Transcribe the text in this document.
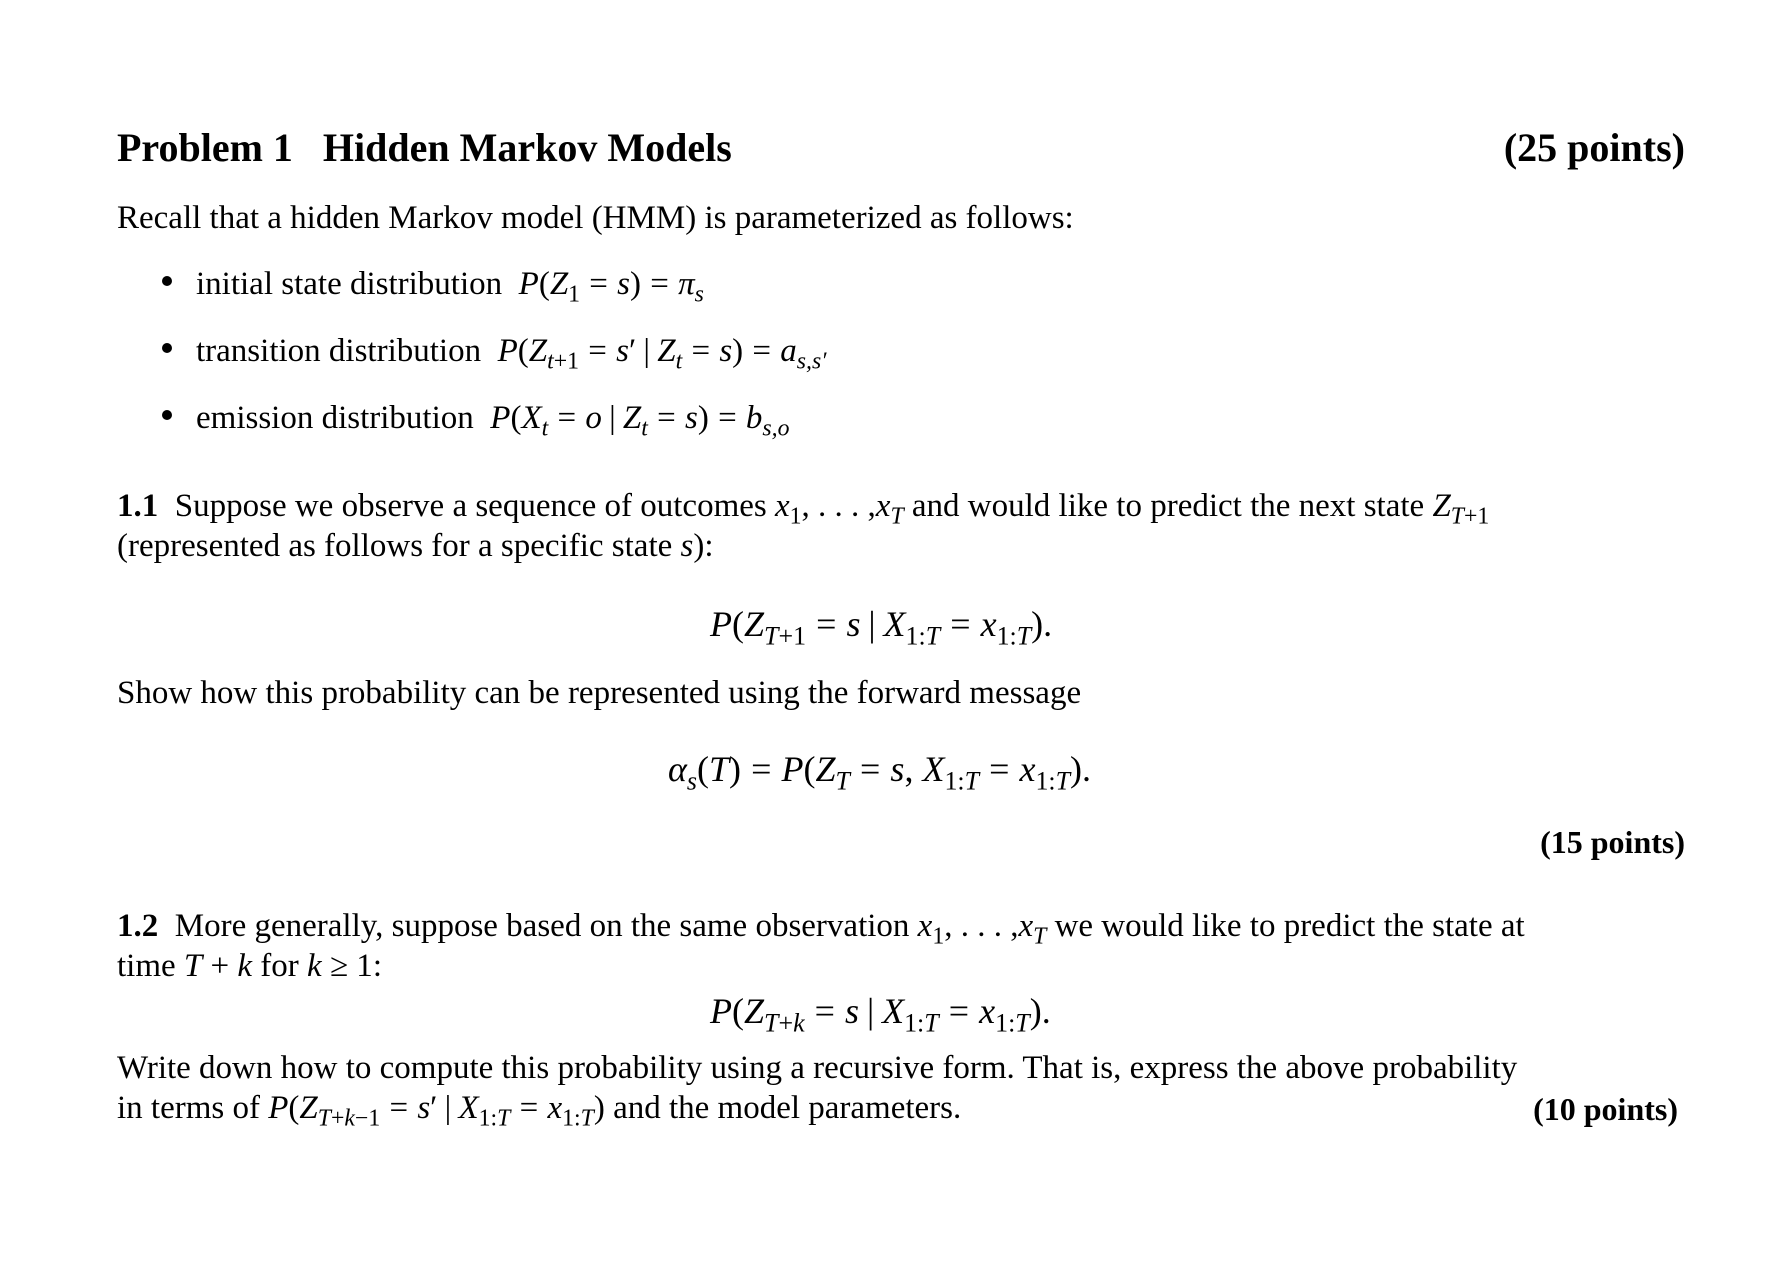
Problem 1 Hidden Markov Models	(25 points)
Recall that a hidden Markov model (HMM) is parameterized as follows:
initial state distribution  $P(Z_1 = s) = \pi_s$
transition distribution  $P(Z_{t+1} = s'$ | $Z_t = s) = a_{s,s'}$
emission distribution  $P(X_t = o$ | $Z_t = s) = b_{s,o}$
1.1 Suppose we observe a sequence of outcomes $x_1$, . . . $,x_T$ and would like to predict the next state $Z_{T+1}$
(represented as follows for a specific state s):
$P(Z_{T+1} = s$ | $X_{1:T} = x_{1:T}$).
Show how this probability can be represented using the forward message
$\alpha_s(T) = P(Z_T = s$, $X_{1:T} = x_{1:T}$).
(15 points)
1.2 More generally, suppose based on the same observation $x_1$, . . . $,x_T$ we would like to predict the state at
time T + k for k ≥ 1:
$P(Z_{T+k} = s$ | $X_{1:T} = x_{1:T}$).
Write down how to compute this probability using a recursive form. That is, express the above probability
in terms of $P(Z_{T+k-1} = s'$ | $X_{1:T} = x_{1:T}$) and the model parameters.	(10 points)
